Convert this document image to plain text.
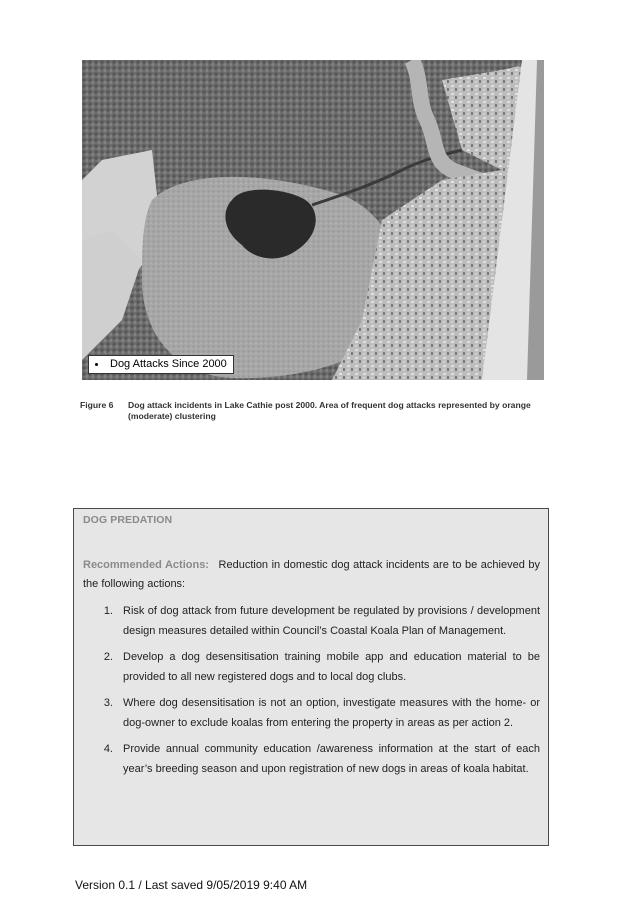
Dog Attacks Since 2000
Figure 6	Dog attack incidents in Lake Cathie post 2000. Area of frequent dog attacks represented by orange (moderate) clustering
DOG PREDATION
Recommended Actions: Reduction in domestic dog attack incidents are to be achieved by the following actions:
1. Risk of dog attack from future development be regulated by provisions / development design measures detailed within Council’s Coastal Koala Plan of Management.
2. Develop a dog desensitisation training mobile app and education material to be provided to all new registered dogs and to local dog clubs.
3. Where dog desensitisation is not an option, investigate measures with the home- or dog-owner to exclude koalas from entering the property in areas as per action 2.
4. Provide annual community education /awareness information at the start of each year’s breeding season and upon registration of new dogs in areas of koala habitat.
Version 0.1 / Last saved 9/05/2019 9:40 AM
